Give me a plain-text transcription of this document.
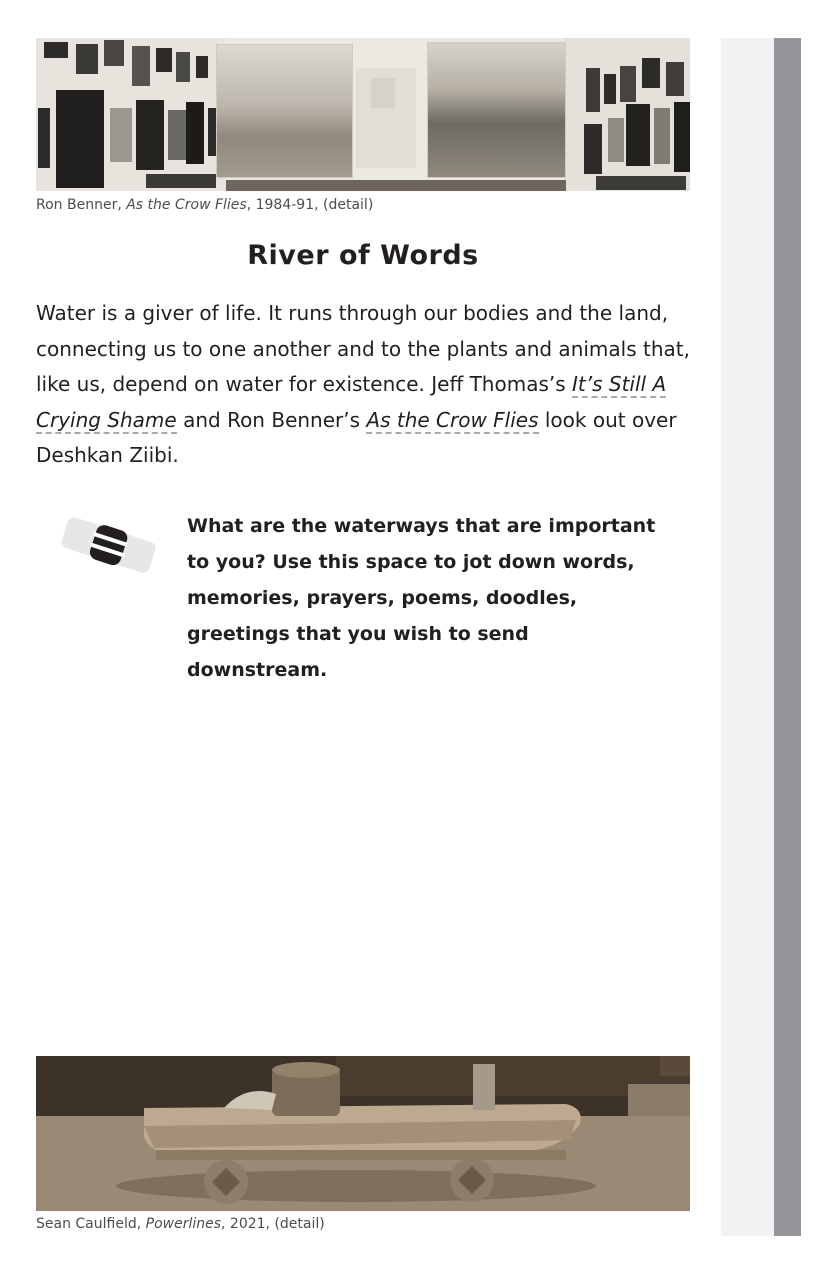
Ron Benner, As the Crow Flies, 1984-91, (detail)
River of Words
Water is a giver of life. It runs through our bodies and the land, connecting us to one another and to the plants and animals that, like us, depend on water for existence. Jeff Thomas’s It’s Still A Crying Shame and Ron Benner’s As the Crow Flies look out over Deshkan Ziibi.
What are the waterways that are important to you? Use this space to jot down words, memories, prayers, poems, doodles, greetings that you wish to send downstream.
Sean Caulfield, Powerlines, 2021, (detail)
